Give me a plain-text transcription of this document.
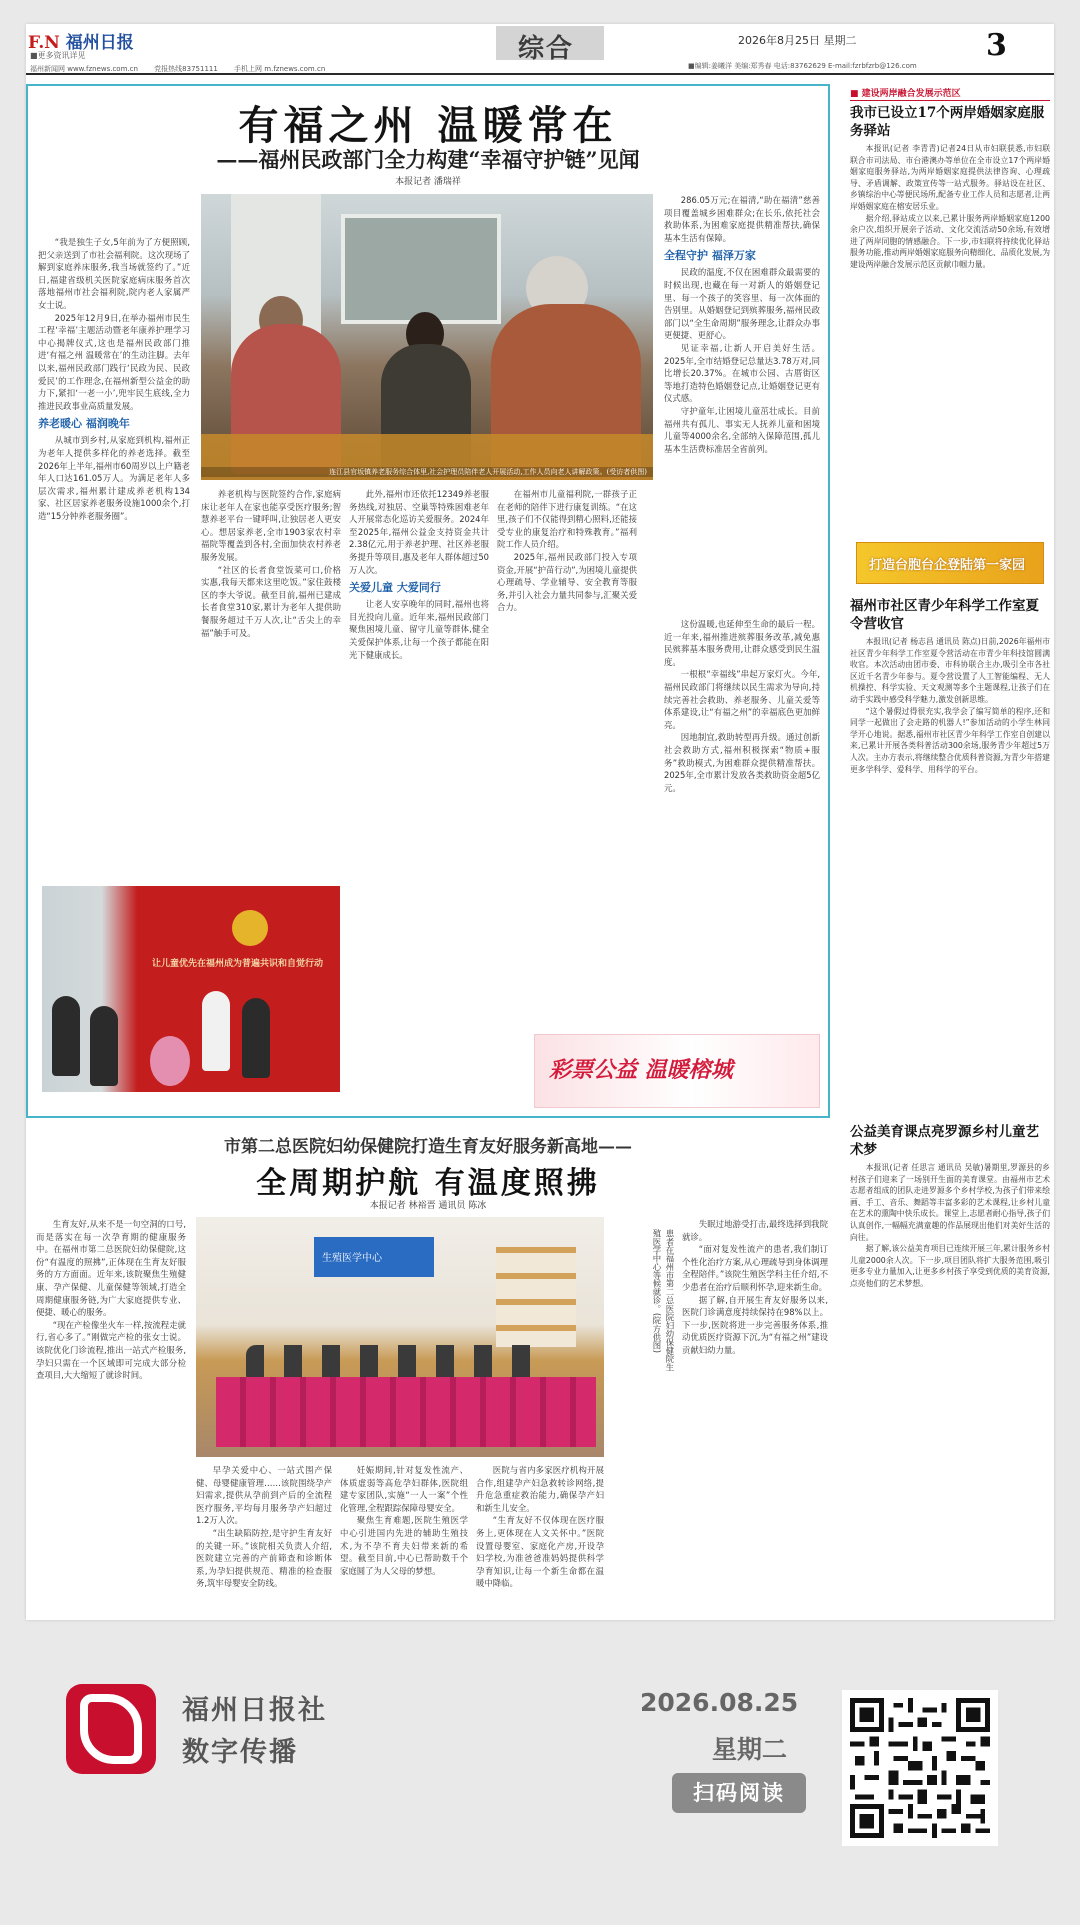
F.N 福州日报
■更多资讯详见
福州新闻网 www.fznews.com.cn 党报热线83751111 手机上网 m.fznews.com.cn
综合	2026年8月25日 星期二	3
■编辑:姜曦洋 美编:郑秀春 电话:83762629 E-mail:fzrbfzrb@126.com
有福之州 温暖常在
——福州民政部门全力构建“幸福守护链”见闻
本报记者 潘瑞祥

“我是独生子女,5年前为了方便照顾,把父亲送到了市社会福利院。这次现场了解到家庭养床服务,我当场就签约了。”近日,福建省级机关医院家庭病床服务首次落地福州市社会福利院,院内老人家属严女士说。

2025年12月9日,在举办福州市民生工程‘幸福’主题活动暨老年康养护理学习中心揭牌仪式,这也是福州民政部门推进‘有福之州 温暖常在’的生动注脚。去年以来,福州民政部门践行‘民政为民、民政爱民’的工作理念,在福州新型公益金的助力下,紧扣‘一老一小’,兜牢民生底线,全力推进民政事业高质量发展。

养老暖心 福润晚年

从城市到乡村,从家庭到机构,福州正为老年人提供多样化的养老选择。截至2026年上半年,福州市60周岁以上户籍老年人口达161.05万人。为满足老年人多层次需求,福州累计建成养老机构134家、社区居家养老服务设施1000余个,打造“15分钟养老服务圈”。

连江县官坂镇养老服务综合体里,社会护理员陪伴老人开展活动,工作人员向老人讲解政策。(受访者供图)

养老机构与医院签约合作,家庭病床让老年人在家也能享受医疗服务;智慧养老平台一键呼叫,让独居老人更安心。想居家养老,全市1903家农村幸福院等覆盖到各村,全面加快农村养老服务发展。

“社区的长者食堂饭菜可口,价格实惠,我每天都来这里吃饭。”家住鼓楼区的李大爷说。截至目前,福州已建成长者食堂310家,累计为老年人提供助餐服务超过千万人次,让“舌尖上的幸福”触手可及。

此外,福州市还依托12349养老服务热线,对独居、空巢等特殊困难老年人开展常态化巡访关爱服务。2024年至2025年,福州公益金支持资金共计2.38亿元,用于养老护理、社区养老服务提升等项目,惠及老年人群体超过50万人次。

关爱儿童 大爱同行

让老人安享晚年的同时,福州也将目光投向儿童。近年来,福州民政部门聚焦困境儿童、留守儿童等群体,健全关爱保护体系,让每一个孩子都能在阳光下健康成长。

在福州市儿童福利院,一群孩子正在老师的陪伴下进行康复训练。“在这里,孩子们不仅能得到精心照料,还能接受专业的康复治疗和特殊教育。”福利院工作人员介绍。

2025年,福州民政部门投入专项资金,开展“护苗行动”,为困境儿童提供心理疏导、学业辅导、安全教育等服务,并引入社会力量共同参与,汇聚关爱合力。

286.05万元;在福清,“助在福清”慈善项目覆盖城乡困难群众;在长乐,依托社会救助体系,为困难家庭提供精准帮扶,确保基本生活有保障。

全程守护 福泽万家

民政的温度,不仅在困难群众最需要的时候出现,也藏在每一对新人的婚姻登记里、每一个孩子的笑容里、每一次体面的告别里。从婚姻登记到殡葬服务,福州民政部门以“全生命周期”服务理念,让群众办事更便捷、更舒心。

见证幸福,让新人开启美好生活。2025年,全市结婚登记总量达3.78万对,同比增长20.37%。在城市公园、古厝街区等地打造特色婚姻登记点,让婚姻登记更有仪式感。

守护童年,让困境儿童茁壮成长。目前福州共有孤儿、事实无人抚养儿童和困境儿童等4000余名,全部纳入保障范围,孤儿基本生活费标准居全省前列。

这份温暖,也延伸至生命的最后一程。近一年来,福州推进殡葬服务改革,减免惠民殡葬基本服务费用,让群众感受到民生温度。

一根根“幸福线”串起万家灯火。今年,福州民政部门将继续以民生需求为导向,持续完善社会救助、养老服务、儿童关爱等体系建设,让“有福之州”的幸福底色更加鲜亮。

因地制宜,救助转型再升级。通过创新社会救助方式,福州积极探索“物质+服务”救助模式,为困难群众提供精准帮扶。2025年,全市累计发放各类救助资金超5亿元。

让儿童优先在福州成为普遍共识和自觉行动
彩票公益 温暖榕城
市第二总医院妇幼保健院打造生育友好服务新高地——
全周期护航 有温度照拂
本报记者 林裕晋 通讯员 陈冰

生育友好,从来不是一句空洞的口号,而是落实在每一次孕育期的健康服务中。在福州市第二总医院妇幼保健院,这份“有温度的照拂”,正体现在生育友好服务的方方面面。近年来,该院聚焦生殖健康、孕产保健、儿童保健等领域,打造全周期健康服务链,为广大家庭提供专业、便捷、暖心的服务。

“现在产检像坐火车一样,按流程走就行,省心多了。”刚做完产检的张女士说。该院优化门诊流程,推出一站式产检服务,孕妇只需在一个区域即可完成大部分检查项目,大大缩短了就诊时间。

生殖医学中心	患者在福州市第二总医院妇幼保健院生殖医学中心等候就诊。(院方供图)

早孕关爱中心、一站式围产保健、母婴健康管理……该院围绕孕产妇需求,提供从孕前到产后的全流程医疗服务,平均每月服务孕产妇超过1.2万人次。

“出生缺陷防控,是守护生育友好的关键一环。”该院相关负责人介绍,医院建立完善的产前筛查和诊断体系,为孕妇提供规范、精准的检查服务,筑牢母婴安全防线。

妊娠期间,针对复发性流产、体质虚弱等高危孕妇群体,医院组建专家团队,实施“一人一案”个性化管理,全程跟踪保障母婴安全。

聚焦生育难题,医院生殖医学中心引进国内先进的辅助生殖技术,为不孕不育夫妇带来新的希望。截至目前,中心已帮助数千个家庭圆了为人父母的梦想。

医院与省内多家医疗机构开展合作,组建孕产妇急救转诊网络,提升危急重症救治能力,确保孕产妇和新生儿安全。

“生育友好不仅体现在医疗服务上,更体现在人文关怀中。”医院设置母婴室、家庭化产房,开设孕妇学校,为准爸爸准妈妈提供科学孕育知识,让每一个新生命都在温暖中降临。

失眠过地游受打击,最终选择到我院就诊。

“面对复发性流产的患者,我们制订个性化治疗方案,从心理疏导到身体调理全程陪伴。”该院生殖医学科主任介绍,不少患者在治疗后顺利怀孕,迎来新生命。

据了解,自开展生育友好服务以来,医院门诊满意度持续保持在98%以上。下一步,医院将进一步完善服务体系,推动优质医疗资源下沉,为“有福之州”建设贡献妇幼力量。

■ 建设两岸融合发展示范区
我市已设立17个两岸婚姻家庭服务驿站
本报讯(记者 李青青)记者24日从市妇联获悉,市妇联联合市司法局、市台港澳办等单位在全市设立17个两岸婚姻家庭服务驿站,为两岸婚姻家庭提供法律咨询、心理疏导、矛盾调解、政策宣传等一站式服务。驿站设在社区、乡镇综治中心等便民场所,配备专业工作人员和志愿者,让两岸婚姻家庭在榕安居乐业。

据介绍,驿站成立以来,已累计服务两岸婚姻家庭1200余户次,组织开展亲子活动、文化交流活动50余场,有效增进了两岸同胞的情感融合。下一步,市妇联将持续优化驿站服务功能,推动两岸婚姻家庭服务向精细化、品质化发展,为建设两岸融合发展示范区贡献巾帼力量。

打造台胞台企登陆第一家园
福州市社区青少年科学工作室夏令营收官
本报讯(记者 杨志昌 通讯员 陈点)日前,2026年福州市社区青少年科学工作室夏令营活动在市青少年科技馆圆满收官。本次活动由团市委、市科协联合主办,吸引全市各社区近千名青少年参与。夏令营设置了人工智能编程、无人机操控、科学实验、天文观测等多个主题课程,让孩子们在动手实践中感受科学魅力,激发创新思维。

“这个暑假过得很充实,我学会了编写简单的程序,还和同学一起做出了会走路的机器人!”参加活动的小学生林同学开心地说。据悉,福州市社区青少年科学工作室自创建以来,已累计开展各类科普活动300余场,服务青少年超过5万人次。主办方表示,将继续整合优质科普资源,为青少年搭建更多学科学、爱科学、用科学的平台。

公益美育课点亮罗源乡村儿童艺术梦
本报讯(记者 任思言 通讯员 吴敏)暑期里,罗源县的乡村孩子们迎来了一场别开生面的美育课堂。由福州市艺术志愿者组成的团队走进罗源多个乡村学校,为孩子们带来绘画、手工、音乐、舞蹈等丰富多彩的艺术课程,让乡村儿童在艺术的熏陶中快乐成长。课堂上,志愿者耐心指导,孩子们认真创作,一幅幅充满童趣的作品展现出他们对美好生活的向往。

据了解,该公益美育项目已连续开展三年,累计服务乡村儿童2000余人次。下一步,项目团队将扩大服务范围,吸引更多专业力量加入,让更多乡村孩子享受到优质的美育资源,点亮他们的艺术梦想。

福州日报社
数字传播
2026.08.25
星期二
扫码阅读
